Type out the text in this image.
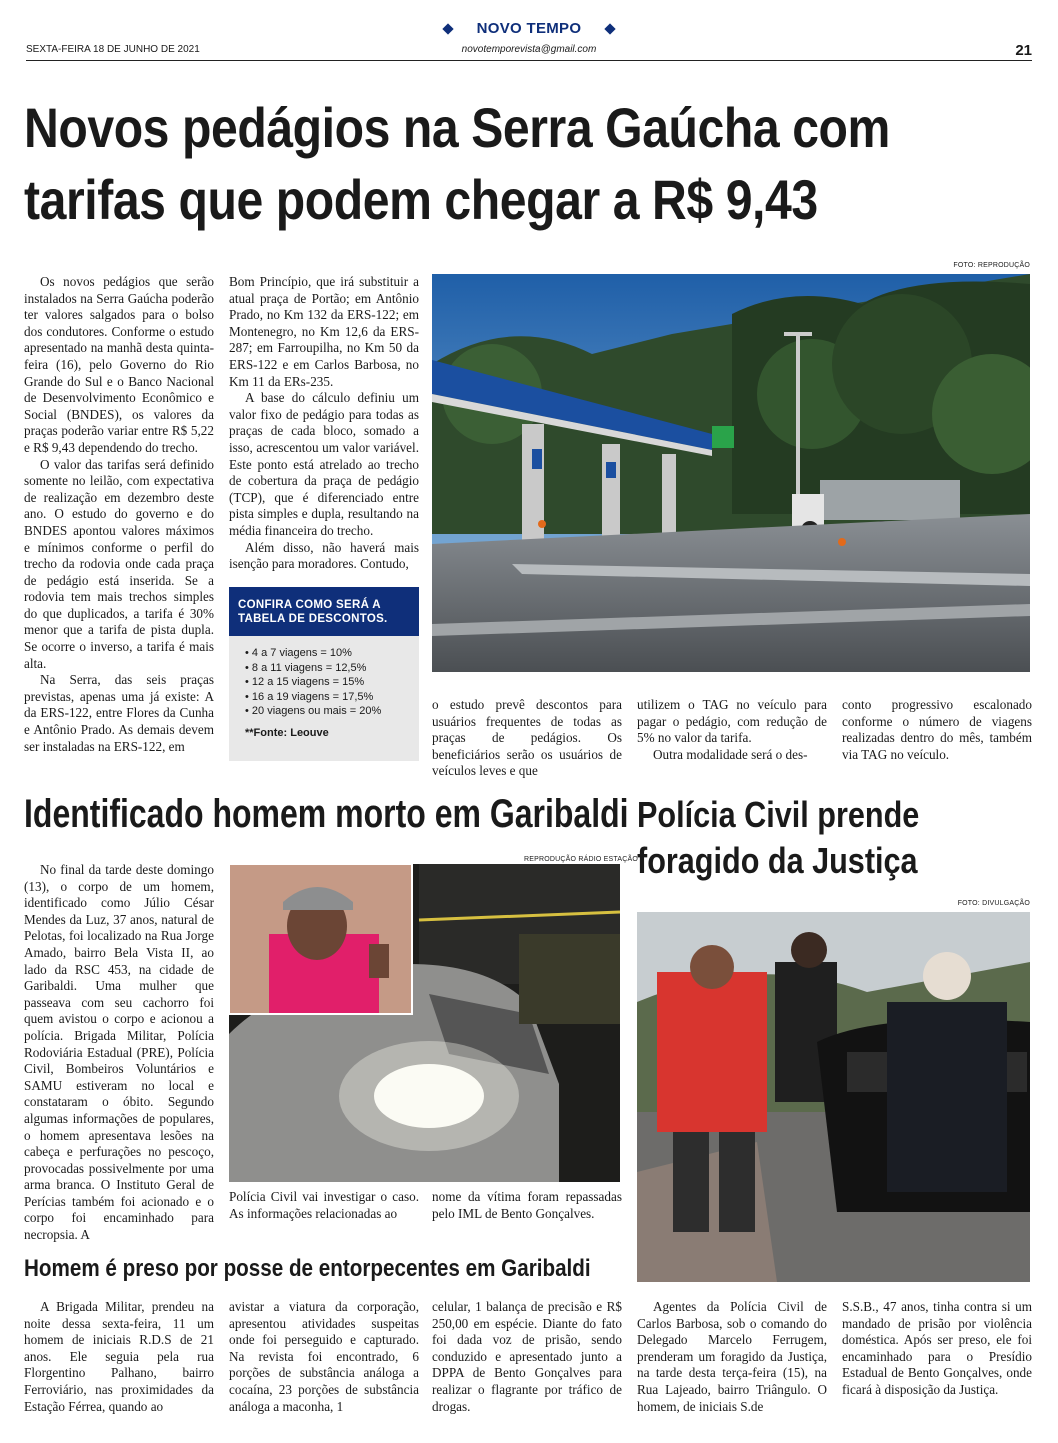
NOVO TEMPO
SEXTA-FEIRA 18 DE JUNHO DE 2021	novotemporevista@gmail.com	21
Novos pedágios na Serra Gaúcha com
tarifas que podem chegar a R$ 9,43

Os novos pedágios que serão instalados na Serra Gaúcha poderão ter valores salgados para o bolso dos condutores. Conforme o estudo apresentado na manhã desta quinta-feira (16), pelo Governo do Rio Grande do Sul e o Banco Nacional de Desenvolvimento Econômico e Social (BNDES), os valores da praças poderão variar entre R$ 5,22 e R$ 9,43 dependendo do trecho.

O valor das tarifas será definido somente no leilão, com expectativa de realização em dezembro deste ano. O estudo do governo e do BNDES apontou valores máximos e mínimos conforme o perfil do trecho da rodovia onde cada praça de pedágio está inserida. Se a rodovia tem mais trechos simples do que duplicados, a tarifa é 30% menor que a tarifa de pista dupla. Se ocorre o inverso, a tarifa é mais alta.

Na Serra, das seis praças previstas, apenas uma já existe: A da ERS-122, entre Flores da Cunha e Antônio Prado. As demais devem ser instaladas na ERS-122, em

Bom Princípio, que irá substituir a atual praça de Portão; em Antônio Prado, no Km 132 da ERS-122; em Montenegro, no Km 12,6 da ERS-287; em Farroupilha, no Km 50 da ERS-122 e em Carlos Barbosa, no Km 11 da ERs-235.

A base do cálculo definiu um valor fixo de pedágio para todas as praças de cada bloco, somado a isso, acrescentou um valor variável. Este ponto está atrelado ao trecho de cobertura da praça de pedágio (TCP), que é diferenciado entre pista simples e dupla, resultando na média financeira do trecho.

Além disso, não haverá mais isenção para moradores. Contudo,

CONFIRA COMO SERÁ A TABELA DE DESCONTOS.
• 4 a 7 viagens = 10%
• 8 a 11 viagens = 12,5%
• 12 a 15 viagens = 15%
• 16 a 19 viagens = 17,5%
• 20 viagens ou mais = 20%
**Fonte: Leouve
FOTO: REPRODUÇÃO

o estudo prevê descontos para usuários frequentes de todas as praças de pedágios. Os beneficiários serão os usuários de veículos leves e que

utilizem o TAG no veículo para pagar o pedágio, com redução de 5% no valor da tarifa.

Outra modalidade será o des-

conto progressivo escalonado conforme o número de viagens realizadas dentro do mês, também via TAG no veículo.

Identificado homem morto em Garibaldi
REPRODUÇÃO RÁDIO ESTAÇÃO

No final da tarde deste domingo (13), o corpo de um homem, identificado como Júlio César Mendes da Luz, 37 anos, natural de Pelotas, foi localizado na Rua Jorge Amado, bairro Bela Vista II, ao lado da RSC 453, na cidade de Garibaldi. Uma mulher que passeava com seu cachorro foi quem avistou o corpo e acionou a polícia. Brigada Militar, Polícia Rodoviária Estadual (PRE), Polícia Civil, Bombeiros Voluntários e SAMU estiveram no local e constataram o óbito. Segundo algumas informações de populares, o homem apresentava lesões na cabeça e perfurações no pescoço, provocadas possivelmente por uma arma branca. O Instituto Geral de Perícias também foi acionado e o corpo foi encaminhado para necropsia. A

Polícia Civil vai investigar o caso. As informações relacionadas ao

nome da vítima foram repassadas pelo IML de Bento Gonçalves.

Polícia Civil prende
foragido da Justiça
FOTO: DIVULGAÇÃO

Agentes da Polícia Civil de Carlos Barbosa, sob o comando do Delegado Marcelo Ferrugem, prenderam um foragido da Justiça, na tarde desta terça-feira (15), na Rua Lajeado, bairro Triângulo. O homem, de iniciais S.de

S.S.B., 47 anos, tinha contra si um mandado de prisão por violência doméstica. Após ser preso, ele foi encaminhado para o Presídio Estadual de Bento Gonçalves, onde ficará à disposição da Justiça.

Homem é preso por posse de entorpecentes em Garibaldi

A Brigada Militar, prendeu na noite dessa sexta-feira, 11 um homem de iniciais R.D.S de 21 anos. Ele seguia pela rua Florgentino Palhano, bairro Ferroviário, nas proximidades da Estação Férrea, quando ao

avistar a viatura da corporação, apresentou atividades suspeitas onde foi perseguido e capturado. Na revista foi encontrado, 6 porções de substância análoga a cocaína, 23 porções de substância análoga a maconha, 1

celular, 1 balança de precisão e R$ 250,00 em espécie. Diante do fato foi dada voz de prisão, sendo conduzido e apresentado junto a DPPA de Bento Gonçalves para realizar o flagrante por tráfico de drogas.
